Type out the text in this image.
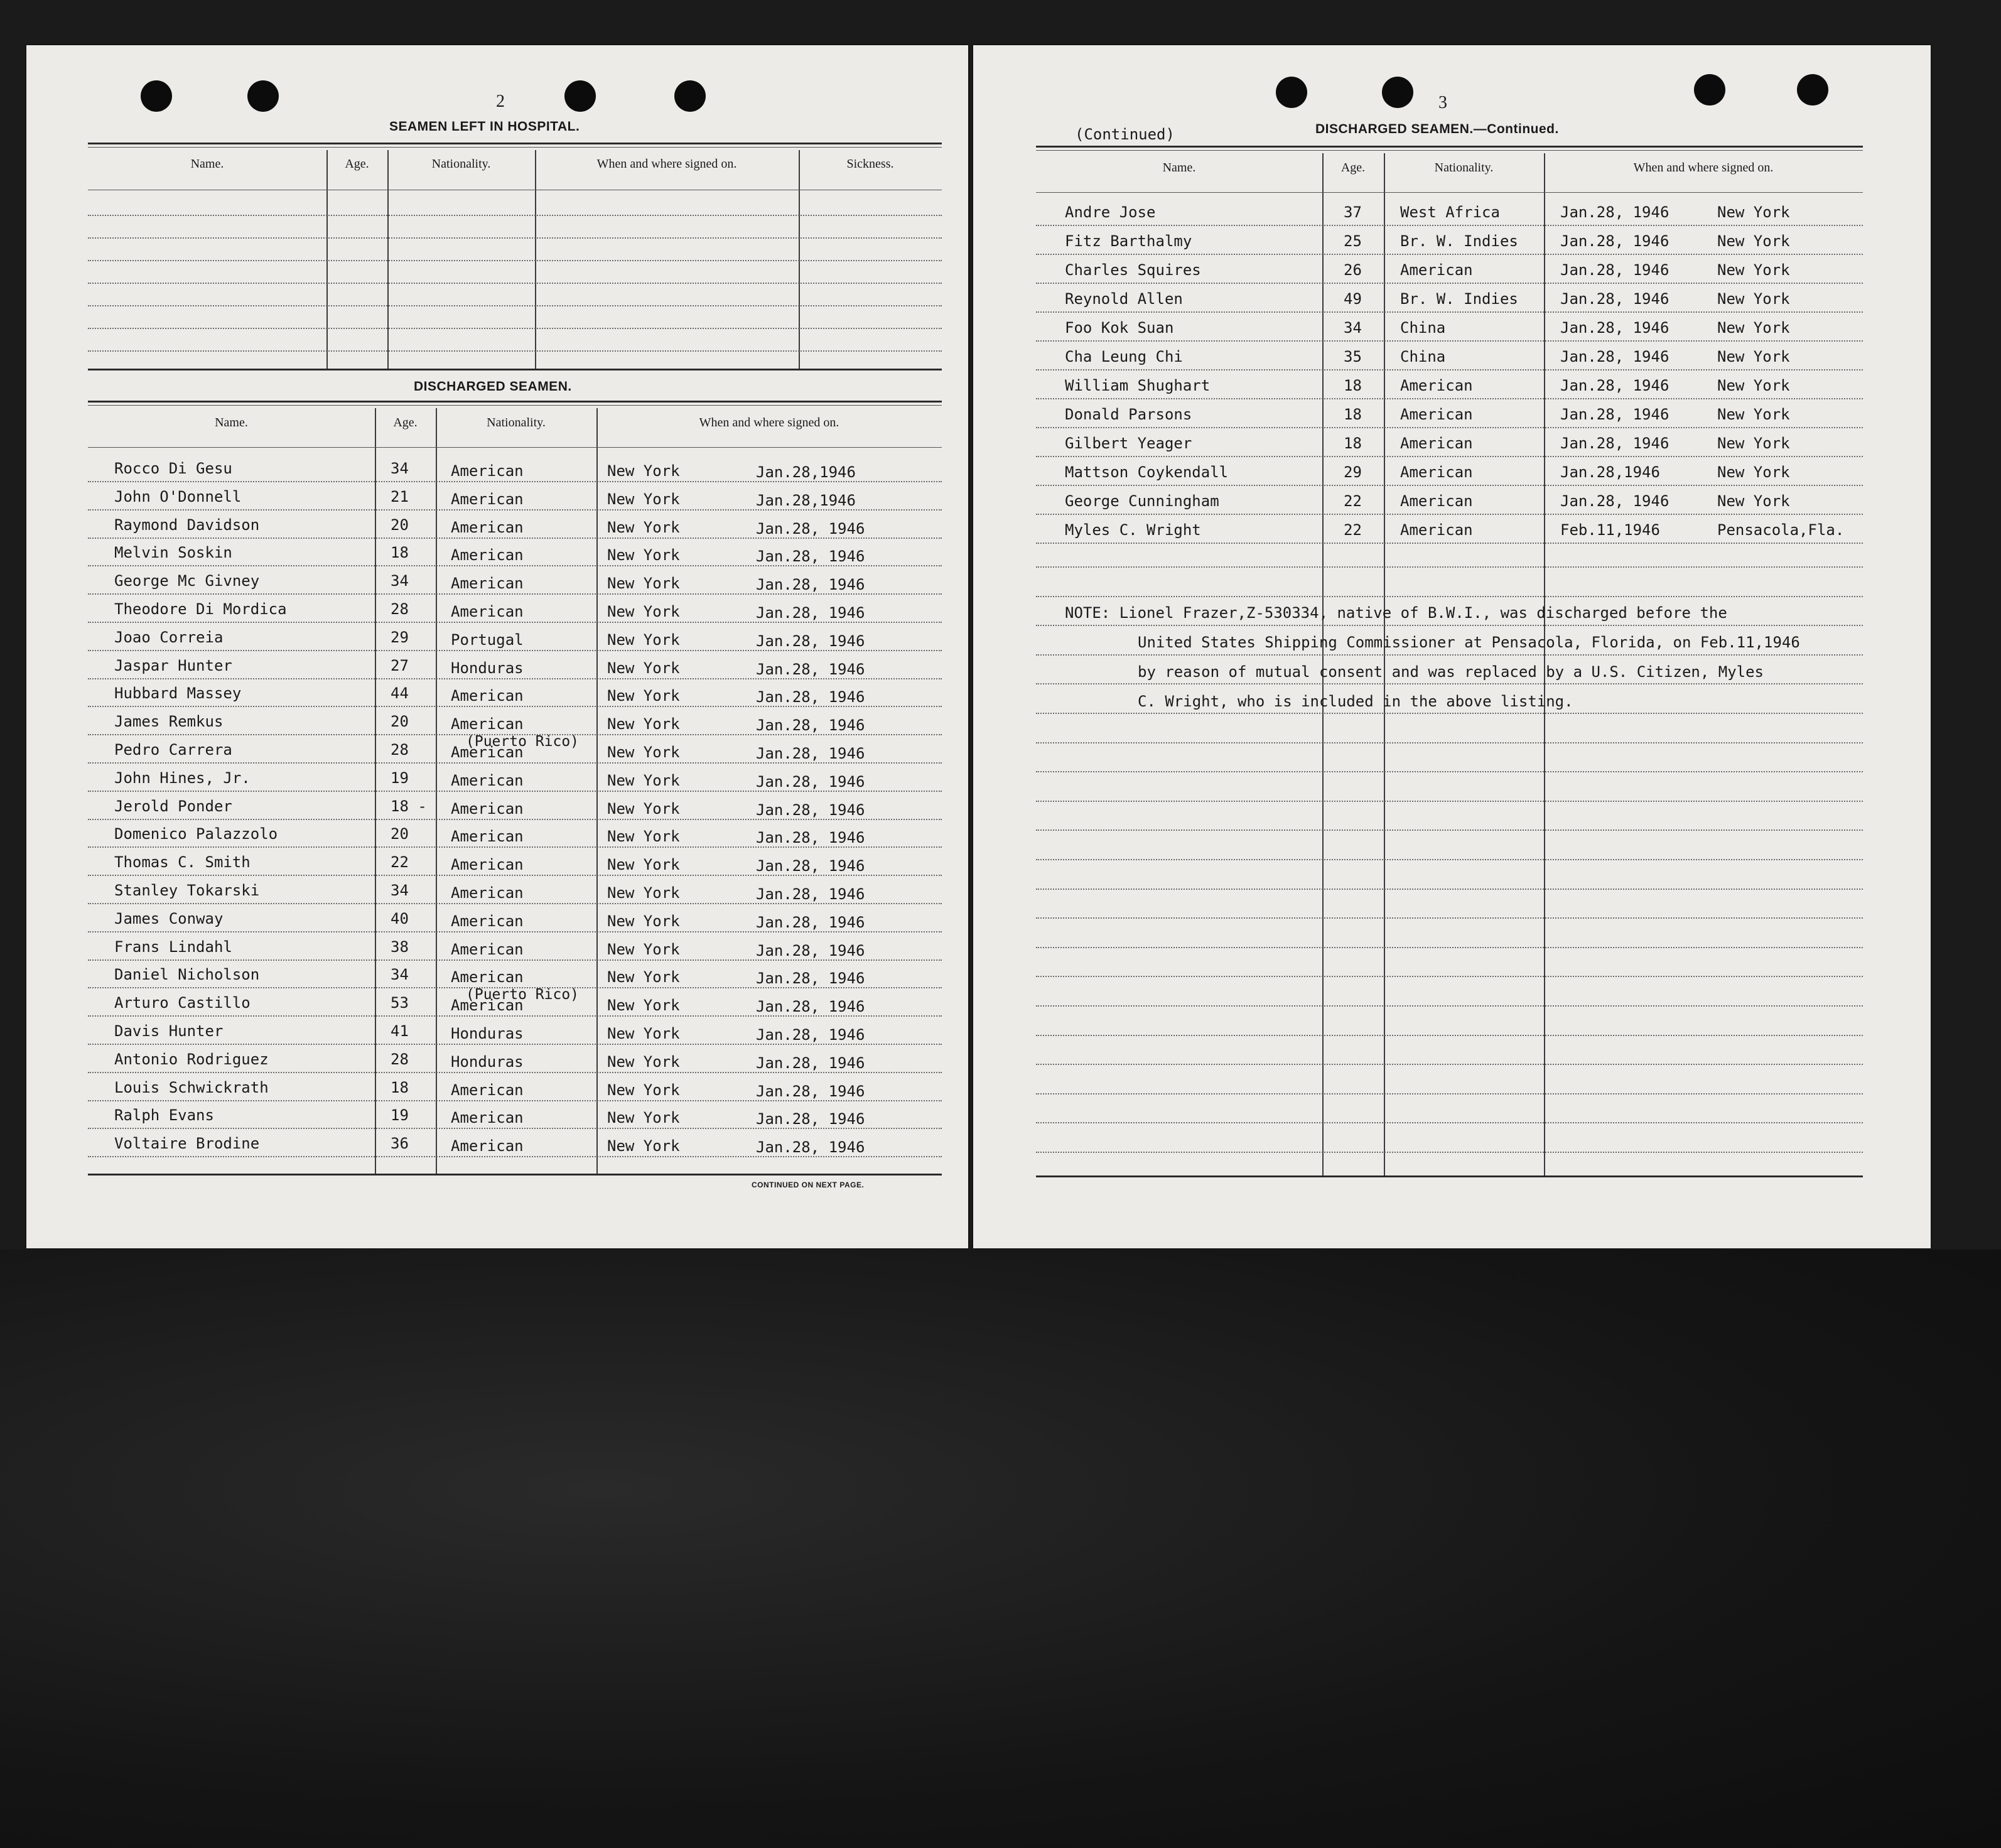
2
SEAMEN LEFT IN HOSPITAL.
Name.	Age.	Nationality.	When and where signed on.	Sickness.
DISCHARGED SEAMEN.
Name.	Age.	Nationality.	When and where signed on.
Rocco Di Gesu	34	American	New York	Jan.28,1946
John O'Donnell	21	American	New York	Jan.28,1946
Raymond Davidson	20	American	New York	Jan.28, 1946
Melvin Soskin	18	American	New York	Jan.28, 1946
George Mc Givney	34	American	New York	Jan.28, 1946
Theodore Di Mordica	28	American	New York	Jan.28, 1946
Joao Correia	29	Portugal	New York	Jan.28, 1946
Jaspar Hunter	27	Honduras	New York	Jan.28, 1946
Hubbard Massey	44	American	New York	Jan.28, 1946
James Remkus	20	American	New York	Jan.28, 1946
Pedro Carrera	28	American	New York	Jan.28, 1946
(Puerto Rico)
John Hines, Jr.	19	American	New York	Jan.28, 1946
Jerold Ponder	18 - American	New York	Jan.28, 1946
Domenico Palazzolo	20	American	New York	Jan.28, 1946
Thomas C. Smith	22	American	New York	Jan.28, 1946
Stanley Tokarski	34	American	New York	Jan.28, 1946
James Conway	40	American	New York	Jan.28, 1946
Frans Lindahl	38	American	New York	Jan.28, 1946
Daniel Nicholson	34	American	New York	Jan.28, 1946
Arturo Castillo	53	American	New York	Jan.28, 1946
(Puerto Rico)
Davis Hunter	41	Honduras	New York	Jan.28, 1946
Antonio Rodriguez	28	Honduras	New York	Jan.28, 1946
Louis Schwickrath	18	American	New York	Jan.28, 1946
Ralph Evans	19	American	New York	Jan.28, 1946
Voltaire Brodine	36	American	New York	Jan.28, 1946
CONTINUED ON NEXT PAGE.
3
(Continued)	DISCHARGED SEAMEN.—Continued.
Name.	Age.	Nationality.	When and where signed on.
Andre Jose	37	West Africa	Jan.28, 1946	New York
Fitz Barthalmy	25	Br. W. Indies	Jan.28, 1946	New York
Charles Squires	26	American	Jan.28, 1946	New York
Reynold Allen	49	Br. W. Indies	Jan.28, 1946	New York
Foo Kok Suan	34	China	Jan.28, 1946	New York
Cha Leung Chi	35	China	Jan.28, 1946	New York
William Shughart	18	American	Jan.28, 1946	New York
Donald Parsons	18	American	Jan.28, 1946	New York
Gilbert Yeager	18	American	Jan.28, 1946	New York
Mattson Coykendall	29	American	Jan.28,1946	New York
George Cunningham	22	American	Jan.28, 1946	New York
Myles C. Wright	22	American	Feb.11,1946	Pensacola,Fla.
NOTE: Lionel Frazer,Z-530334, native of B.W.I., was discharged before the
United States Shipping Commissioner at Pensacola, Florida, on Feb.11,1946
by reason of mutual consent and was replaced by a U.S. Citizen, Myles
C. Wright, who is included in the above listing.
